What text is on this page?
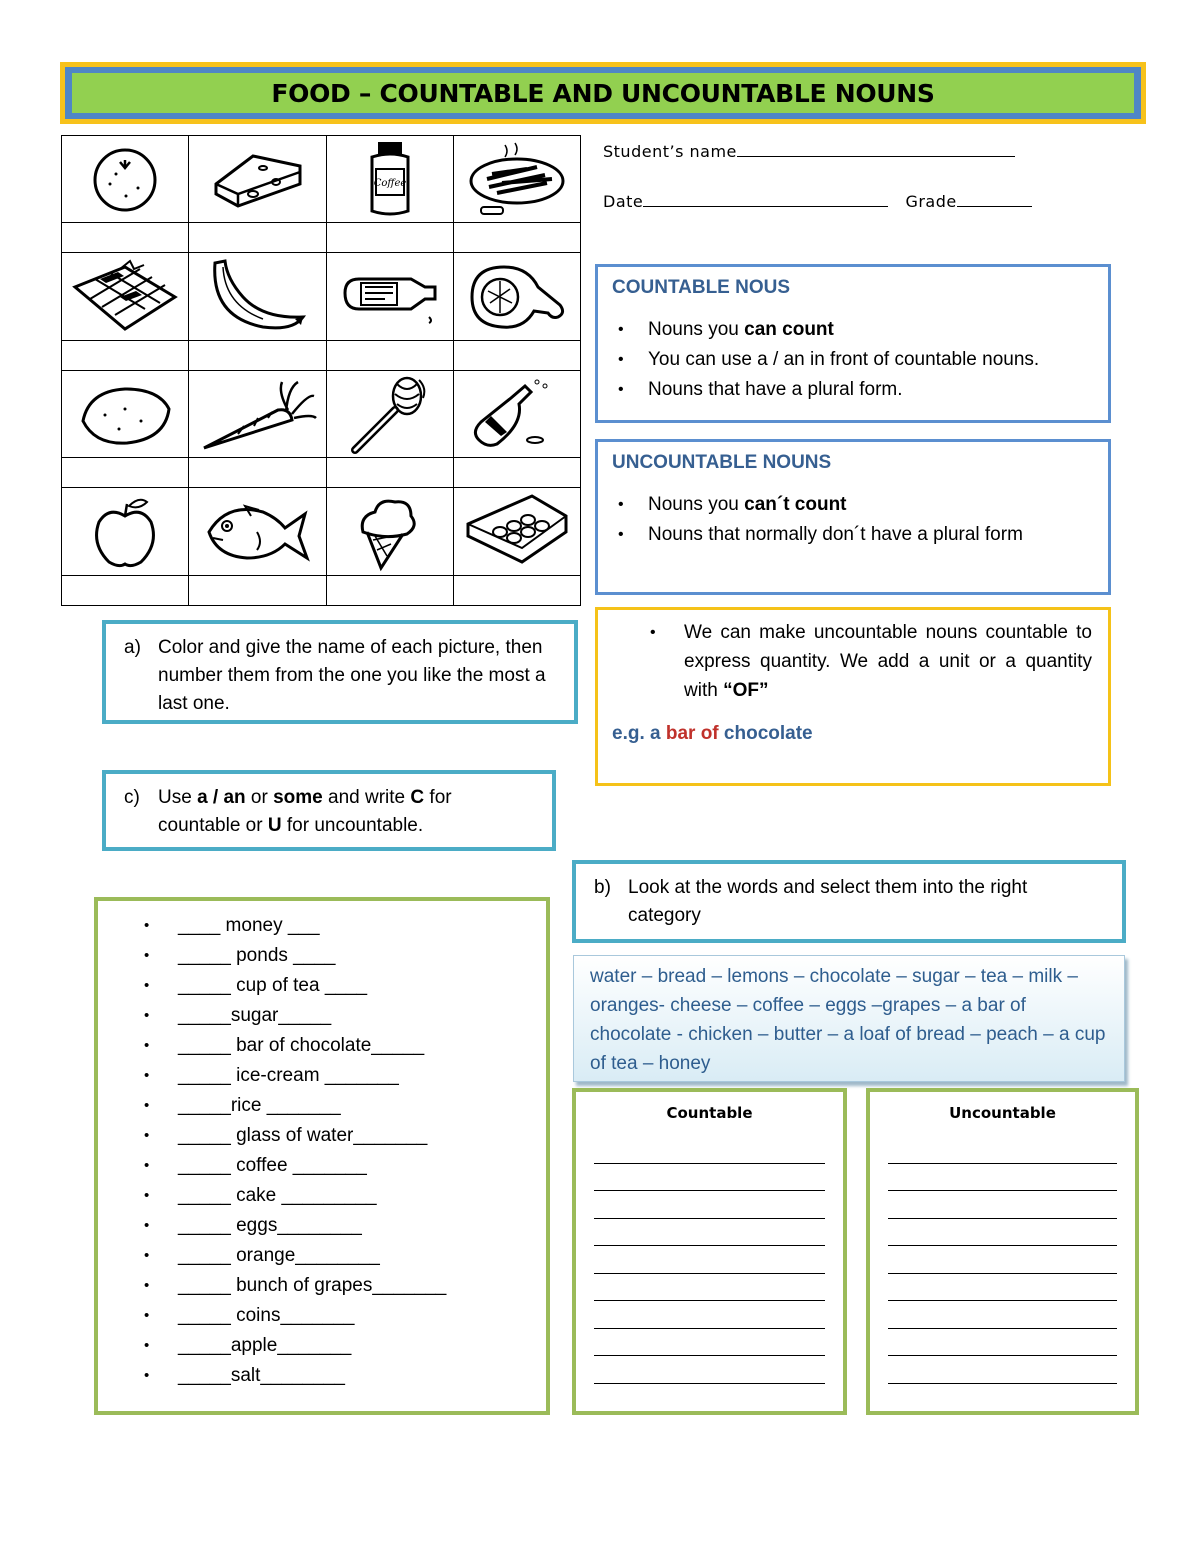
FOOD – COUNTABLE AND UNCOUNTABLE NOUNS

Coffee

Student’s name
Date	Grade
COUNTABLE NOUS
• Nouns you can count
• You can use a / an in front of countable nouns.
• Nouns that have a plural form.
UNCOUNTABLE NOUNS
• Nouns you can´t count
• Nouns that normally don´t have a plural form
• We can make uncountable nouns countable to express quantity. We add a unit or a quantity with “OF”
e.g. a bar of chocolate
a) Color and give the name of each picture, then number them from the one you like the most a last one.
c) Use a / an or some and write C for countable or U for uncountable.
b) Look at the words and select them into the right category
water – bread – lemons – chocolate – sugar – tea – milk – oranges- cheese – coffee – eggs –grapes – a bar of chocolate - chicken – butter – a loaf of bread – peach – a cup of tea – honey
• ____ money ___
• _____ ponds ____
• _____ cup of tea ____
• _____sugar_____
• _____ bar of chocolate_____
• _____ ice-cream _______
• _____rice _______
• _____ glass of water_______
• _____ coffee _______
• _____ cake _________
• _____ eggs________
• _____ orange________
• _____ bunch of grapes_______
• _____ coins_______
• _____apple_______
• _____salt________
Countable	Uncountable
